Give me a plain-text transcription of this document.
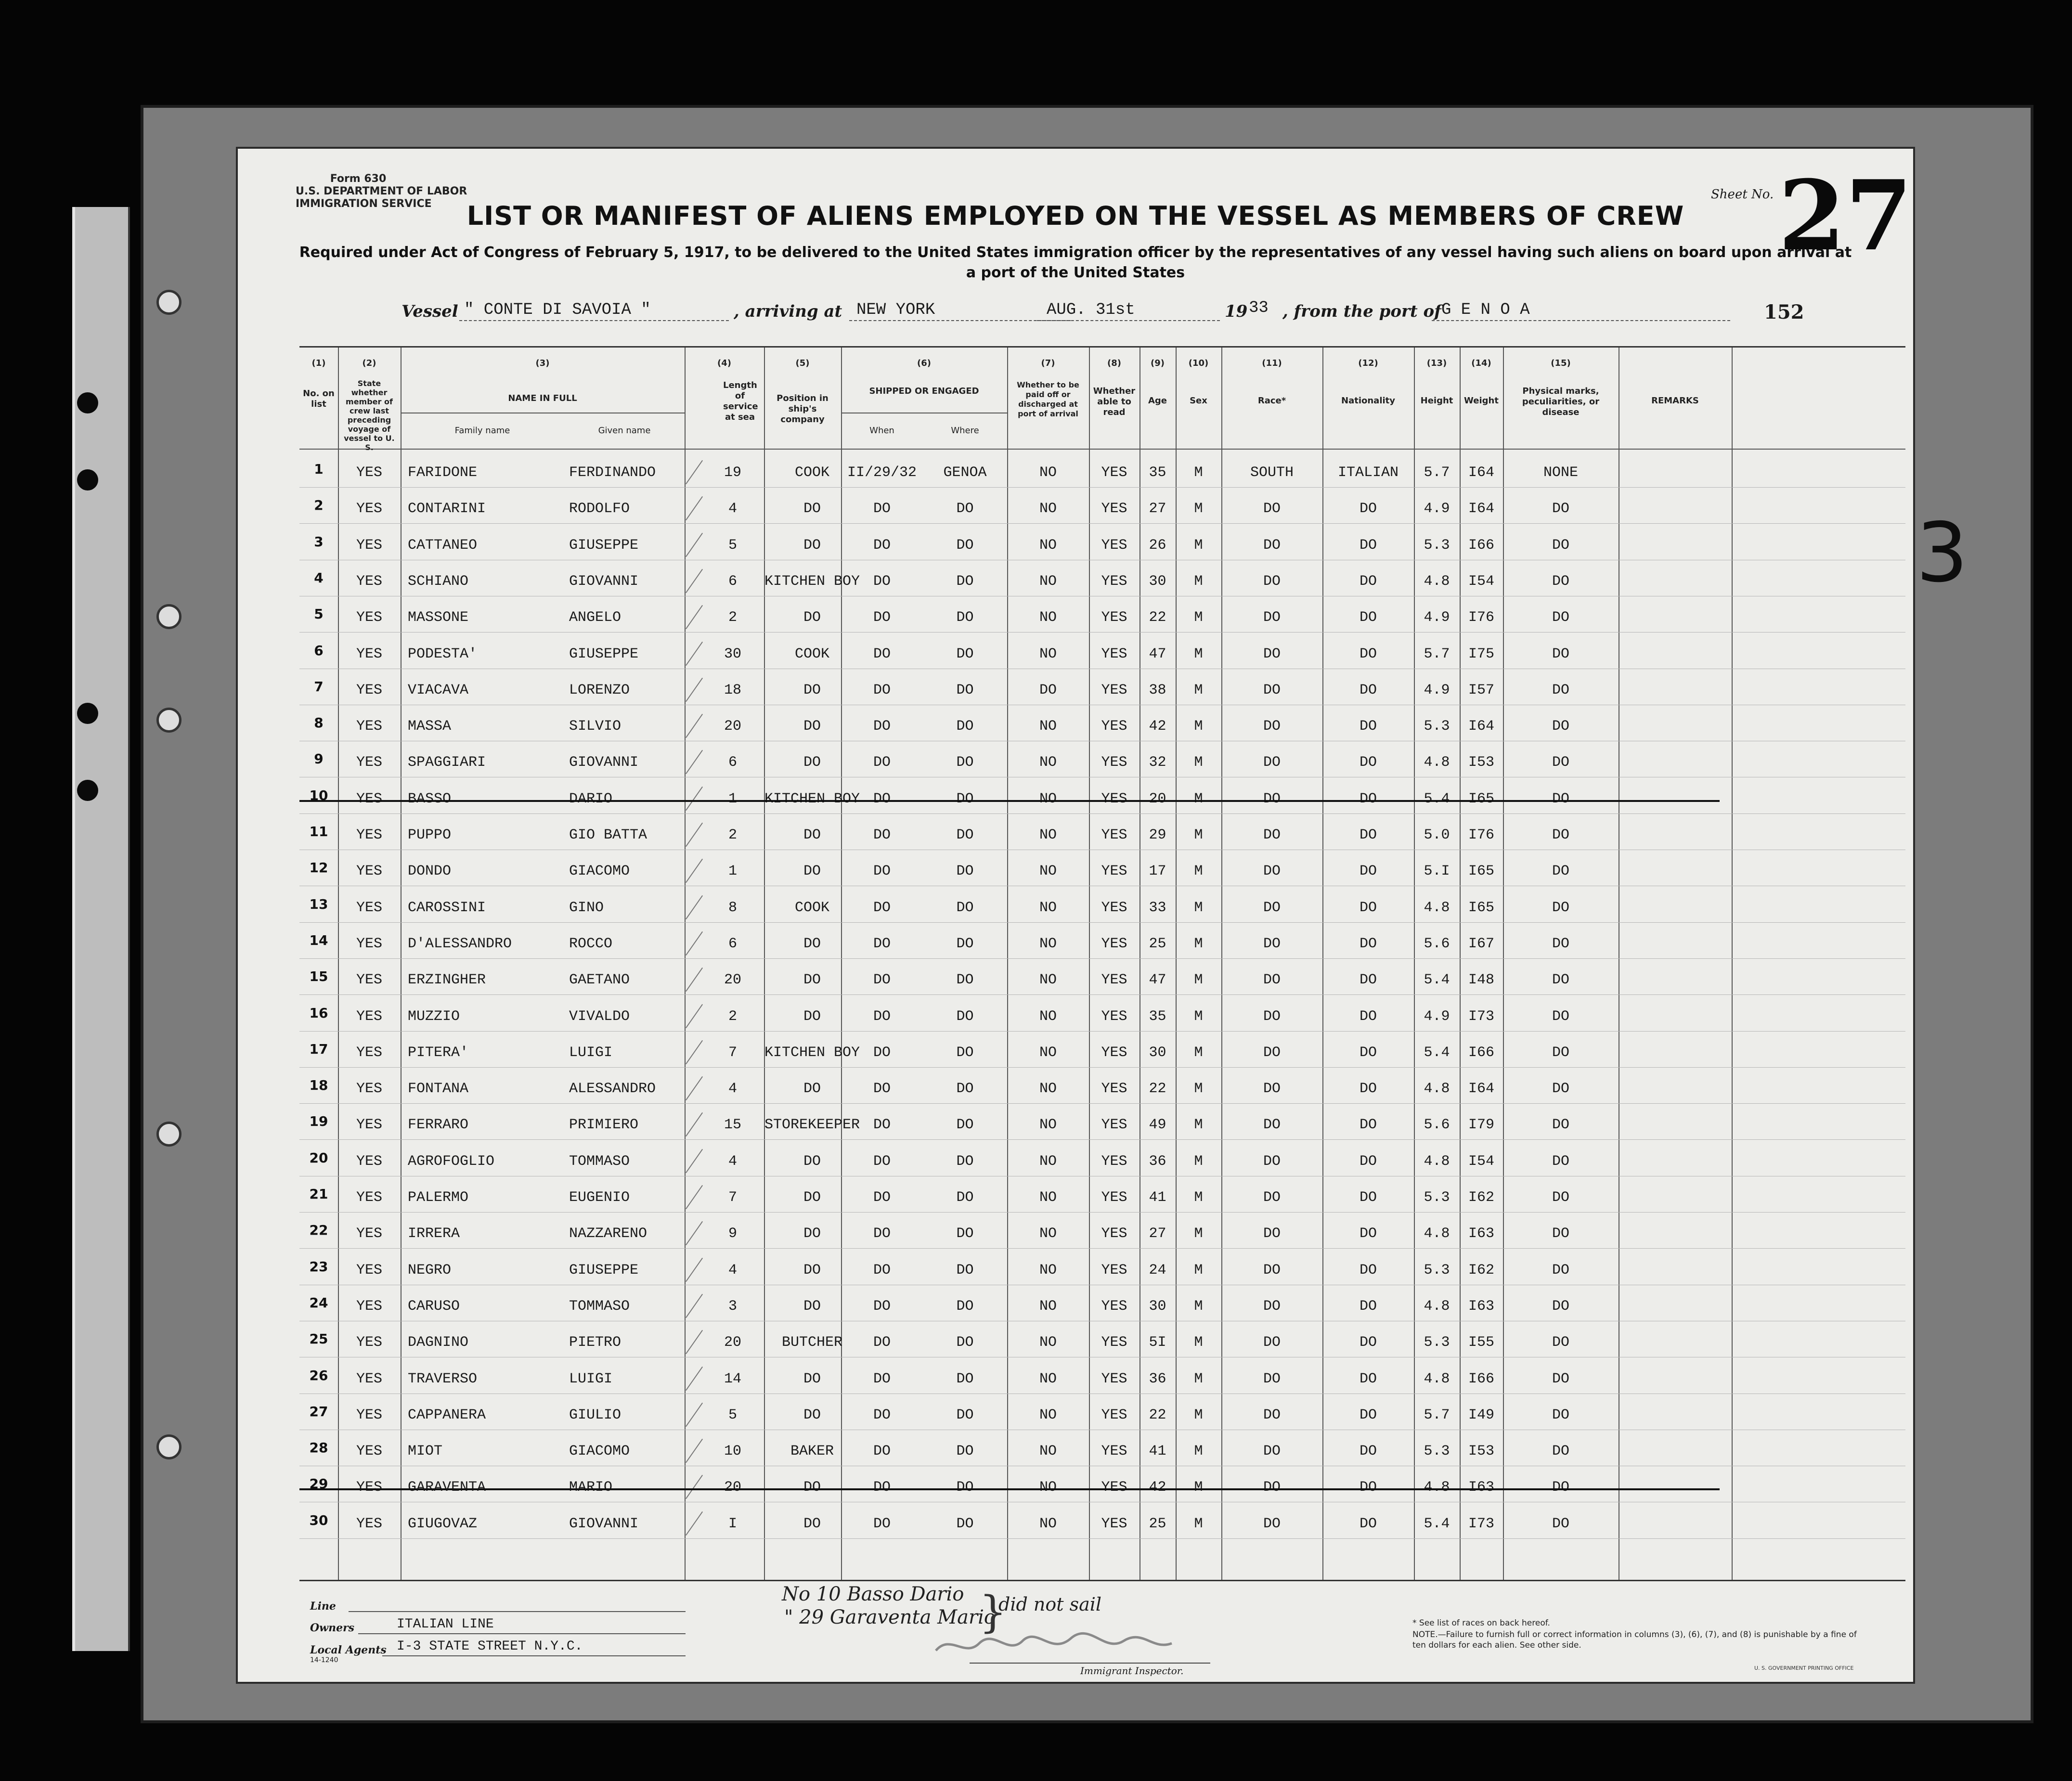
3
Form 630
U.S. DEPARTMENT OF LABOR
IMMIGRATION SERVICE	LIST OR MANIFEST OF ALIENS EMPLOYED ON THE VESSEL AS MEMBERS OF CREW
Required under Act of Congress of February 5, 1917, to be delivered to the United States immigration officer by the representatives of any vessel having such aliens on board upon arrival at a port of the United States
Sheet No. 27
Vessel " CONTE DI SAVOIA "	, arriving at NEW YORK	AUG. 31st	19 33 , from the port of G E N O A	152
(1)
No. on list
(2)
State whether member of crew last preceding voyage of vessel to U. S.
(3)
NAME IN FULL
Family name	Given name
(4)
Length of service at sea
(5)
Position in ship's company
(6)
SHIPPED OR ENGAGED
When	Where
(7)
Whether to be paid off or discharged at port of arrival
(8)
Whether able to read
(9)
Age
(10)
Sex
(11)
Race*
(12)
Nationality
(13)
Height
(14)
Weight
(15)
Physical marks, peculiarities, or disease
REMARKS
1	YES	FARIDONE	FERDINANDO	19	COOK	II/29/32	GENOA	NO	YES	35	M	SOUTH	ITALIAN	5.7	I64	NONE
2	YES	CONTARINI	RODOLFO	4	DO	DO	DO	NO	YES	27	M	DO	DO	4.9	I64	DO
3	YES	CATTANEO	GIUSEPPE	5	DO	DO	DO	NO	YES	26	M	DO	DO	5.3	I66	DO
4	YES	SCHIANO	GIOVANNI	6	KITCHEN BOY DO	DO	NO	YES	30	M	DO	DO	4.8	I54	DO
5	YES	MASSONE	ANGELO	2	DO	DO	DO	NO	YES	22	M	DO	DO	4.9	I76	DO
6	YES	PODESTA'	GIUSEPPE	30	COOK	DO	DO	NO	YES	47	M	DO	DO	5.7	I75	DO
7	YES	VIACAVA	LORENZO	18	DO	DO	DO	DO	YES	38	M	DO	DO	4.9	I57	DO
8	YES	MASSA	SILVIO	20	DO	DO	DO	NO	YES	42	M	DO	DO	5.3	I64	DO
9	YES	SPAGGIARI	GIOVANNI	6	DO	DO	DO	NO	YES	32	M	DO	DO	4.8	I53	DO
10	YES	BASSO	DARIO	1	KITCHEN BOY DO	DO	NO	YES	20	M	DO	DO	5.4	I65	DO
11	YES	PUPPO	GIO BATTA	2	DO	DO	DO	NO	YES	29	M	DO	DO	5.0	I76	DO
12	YES	DONDO	GIACOMO	1	DO	DO	DO	NO	YES	17	M	DO	DO	5.I	I65	DO
13	YES	CAROSSINI	GINO	8	COOK	DO	DO	NO	YES	33	M	DO	DO	4.8	I65	DO
14	YES	D'ALESSANDRO	ROCCO	6	DO	DO	DO	NO	YES	25	M	DO	DO	5.6	I67	DO
15	YES	ERZINGHER	GAETANO	20	DO	DO	DO	NO	YES	47	M	DO	DO	5.4	I48	DO
16	YES	MUZZIO	VIVALDO	2	DO	DO	DO	NO	YES	35	M	DO	DO	4.9	I73	DO
17	YES	PITERA'	LUIGI	7	KITCHEN BOY DO	DO	NO	YES	30	M	DO	DO	5.4	I66	DO
18	YES	FONTANA	ALESSANDRO	4	DO	DO	DO	NO	YES	22	M	DO	DO	4.8	I64	DO
19	YES	FERRARO	PRIMIERO	15	STOREKEEPER DO	DO	NO	YES	49	M	DO	DO	5.6	I79	DO
20	YES	AGROFOGLIO	TOMMASO	4	DO	DO	DO	NO	YES	36	M	DO	DO	4.8	I54	DO
21	YES	PALERMO	EUGENIO	7	DO	DO	DO	NO	YES	41	M	DO	DO	5.3	I62	DO
22	YES	IRRERA	NAZZARENO	9	DO	DO	DO	NO	YES	27	M	DO	DO	4.8	I63	DO
23	YES	NEGRO	GIUSEPPE	4	DO	DO	DO	NO	YES	24	M	DO	DO	5.3	I62	DO
24	YES	CARUSO	TOMMASO	3	DO	DO	DO	NO	YES	30	M	DO	DO	4.8	I63	DO
25	YES	DAGNINO	PIETRO	20	BUTCHER	DO	DO	NO	YES	5I	M	DO	DO	5.3	I55	DO
26	YES	TRAVERSO	LUIGI	14	DO	DO	DO	NO	YES	36	M	DO	DO	4.8	I66	DO
27	YES	CAPPANERA	GIULIO	5	DO	DO	DO	NO	YES	22	M	DO	DO	5.7	I49	DO
28	YES	MIOT	GIACOMO	10	BAKER	DO	DO	NO	YES	41	M	DO	DO	5.3	I53	DO
29	YES	GARAVENTA	MARIO	20	DO	DO	DO	NO	YES	42	M	DO	DO	4.8	I63	DO
30	YES	GIUGOVAZ	GIOVANNI	I	DO	DO	DO	NO	YES	25	M	DO	DO	5.4	I73	DO
Line
Owners	ITALIAN LINE
Local Agents I-3 STATE STREET N.Y.C.
14-1240
No 10 Basso Dario
" 29 Garaventa Mario
did not sail
}
Immigrant Inspector.
* See list of races on back hereof.
NOTE.—Failure to furnish full or correct information in columns (3), (6), (7), and (8) is punishable by a fine of ten dollars for each alien. See other side.
U. S. GOVERNMENT PRINTING OFFICE
